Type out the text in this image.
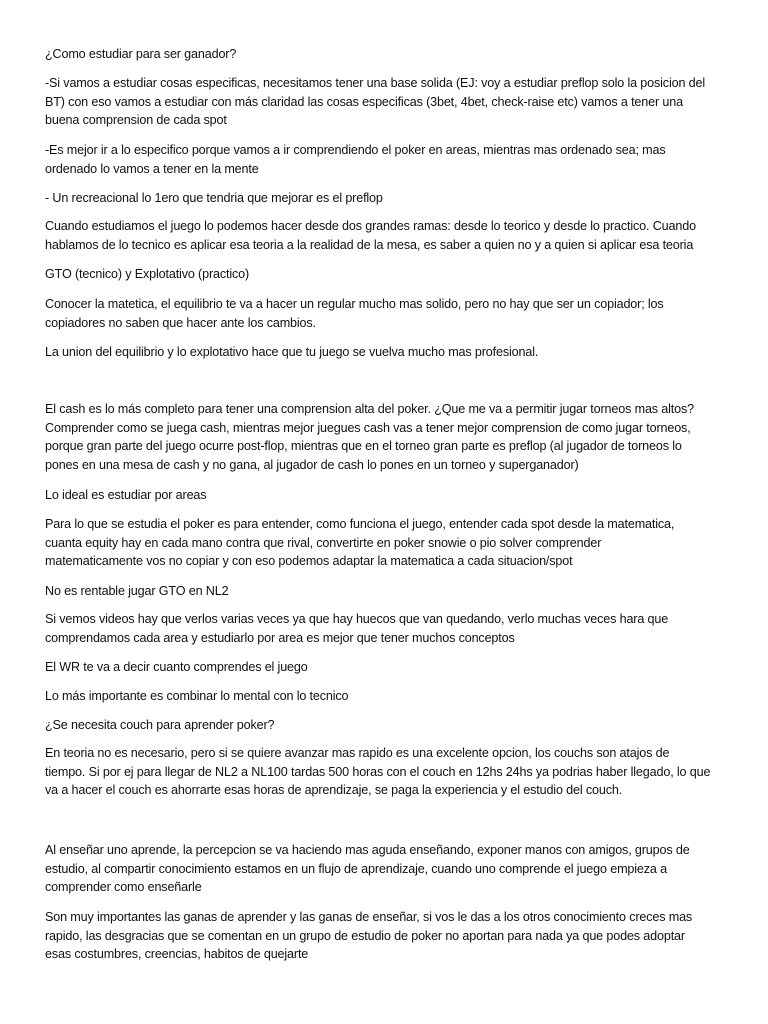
¿Como estudiar para ser ganador?

-Si vamos a estudiar cosas especificas, necesitamos tener una base solida (EJ: voy a estudiar preflop solo la posicion del
BT) con eso vamos a estudiar con más claridad las cosas especificas (3bet, 4bet, check-raise etc) vamos a tener una
buena comprension de cada spot

-Es mejor ir a lo especifico porque vamos a ir comprendiendo el poker en areas, mientras mas ordenado sea; mas
ordenado lo vamos a tener en la mente

- Un recreacional lo 1ero que tendria que mejorar es el preflop

Cuando estudiamos el juego lo podemos hacer desde dos grandes ramas: desde lo teorico y desde lo practico. Cuando
hablamos de lo tecnico es aplicar esa teoria a la realidad de la mesa, es saber a quien no y a quien si aplicar esa teoria

GTO (tecnico) y Explotativo (practico)

Conocer la matetica, el equilibrio te va a hacer un regular mucho mas solido, pero no hay que ser un copiador; los
copiadores no saben que hacer ante los cambios.

La union del equilibrio y lo explotativo hace que tu juego se vuelva mucho mas profesional.

El cash es lo más completo para tener una comprension alta del poker. ¿Que me va a permitir jugar torneos mas altos?
Comprender como se juega cash, mientras mejor juegues cash vas a tener mejor comprension de como jugar torneos,
porque gran parte del juego ocurre post-flop, mientras que en el torneo gran parte es preflop (al jugador de torneos lo
pones en una mesa de cash y no gana, al jugador de cash lo pones en un torneo y superganador)

Lo ideal es estudiar por areas

Para lo que se estudia el poker es para entender, como funciona el juego, entender cada spot desde la matematica,
cuanta equity hay en cada mano contra que rival, convertirte en poker snowie o pio solver comprender
matematicamente vos no copiar y con eso podemos adaptar la matematica a cada situacion/spot

No es rentable jugar GTO en NL2

Si vemos videos hay que verlos varias veces ya que hay huecos que van quedando, verlo muchas veces hara que
comprendamos cada area y estudiarlo por area es mejor que tener muchos conceptos

El WR te va a decir cuanto comprendes el juego

Lo más importante es combinar lo mental con lo tecnico

¿Se necesita couch para aprender poker?

En teoria no es necesario, pero si se quiere avanzar mas rapido es una excelente opcion, los couchs son atajos de
tiempo. Si por ej para llegar de NL2 a NL100 tardas 500 horas con el couch en 12hs 24hs ya podrias haber llegado, lo que
va a hacer el couch es ahorrarte esas horas de aprendizaje, se paga la experiencia y el estudio del couch.

Al enseñar uno aprende, la percepcion se va haciendo mas aguda enseñando, exponer manos con amigos, grupos de
estudio, al compartir conocimiento estamos en un flujo de aprendizaje, cuando uno comprende el juego empieza a
comprender como enseñarle

Son muy importantes las ganas de aprender y las ganas de enseñar, si vos le das a los otros conocimiento creces mas
rapido, las desgracias que se comentan en un grupo de estudio de poker no aportan para nada ya que podes adoptar
esas costumbres, creencias, habitos de quejarte
